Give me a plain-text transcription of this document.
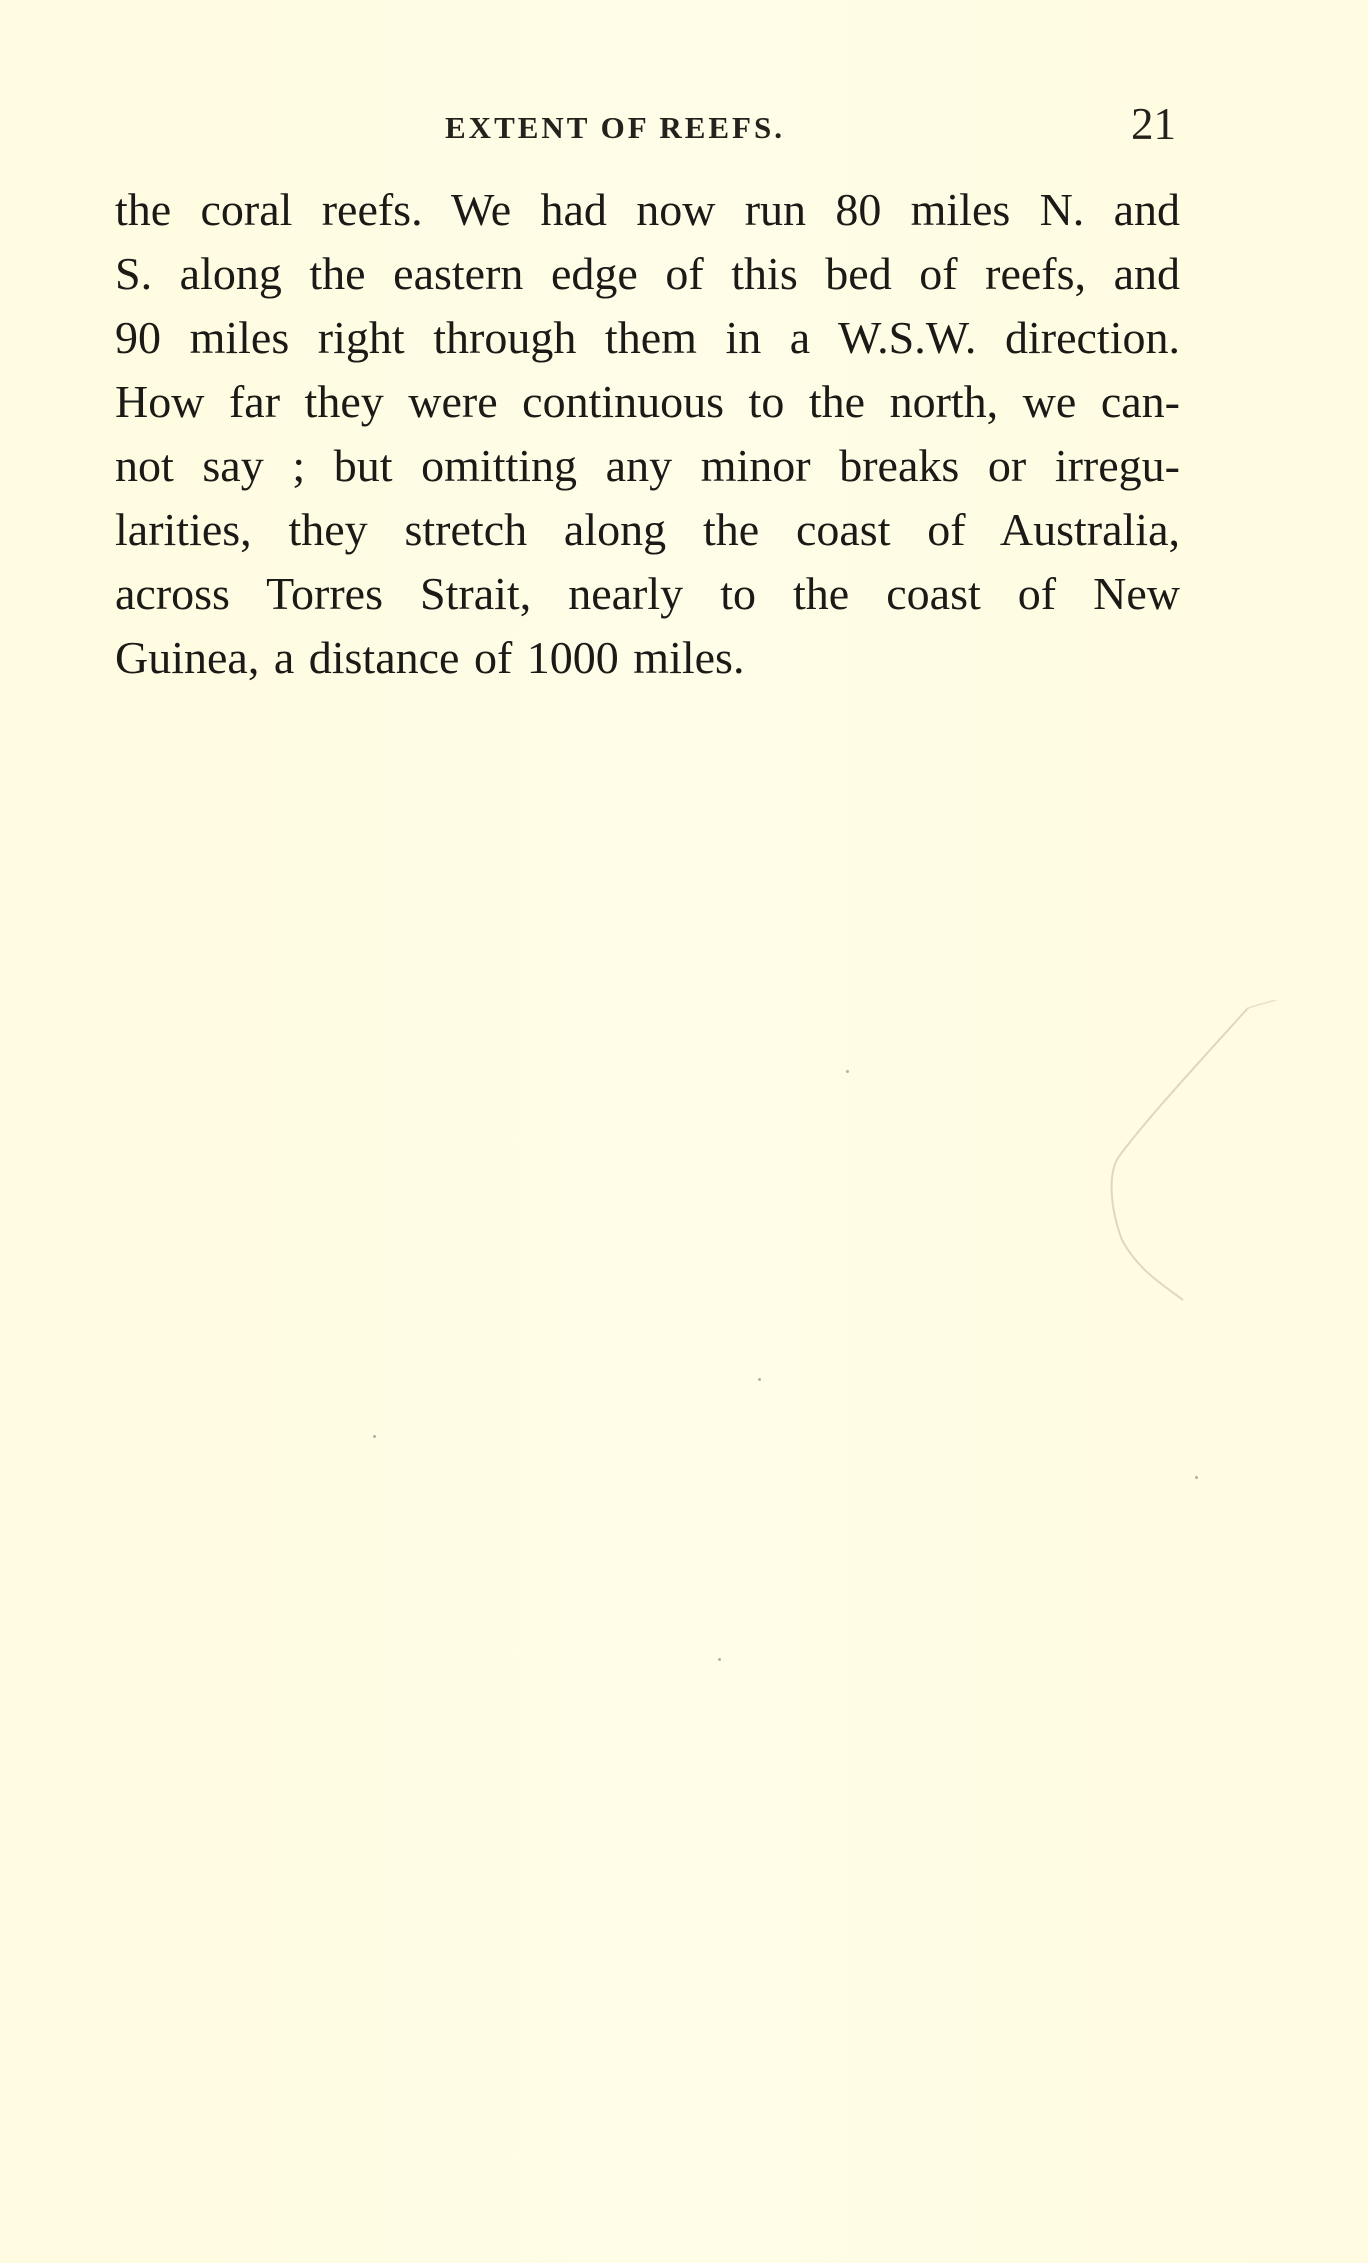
EXTENT OF REEFS.	21
the coral reefs. We had now run 80 miles N. and
S. along the eastern edge of this bed of reefs, and
90 miles right through them in a W.S.W. direction.
How far they were continuous to the north, we can-
not say ; but omitting any minor breaks or irregu-
larities, they stretch along the coast of Australia,
across Torres Strait, nearly to the coast of New
Guinea, a distance of 1000 miles.
